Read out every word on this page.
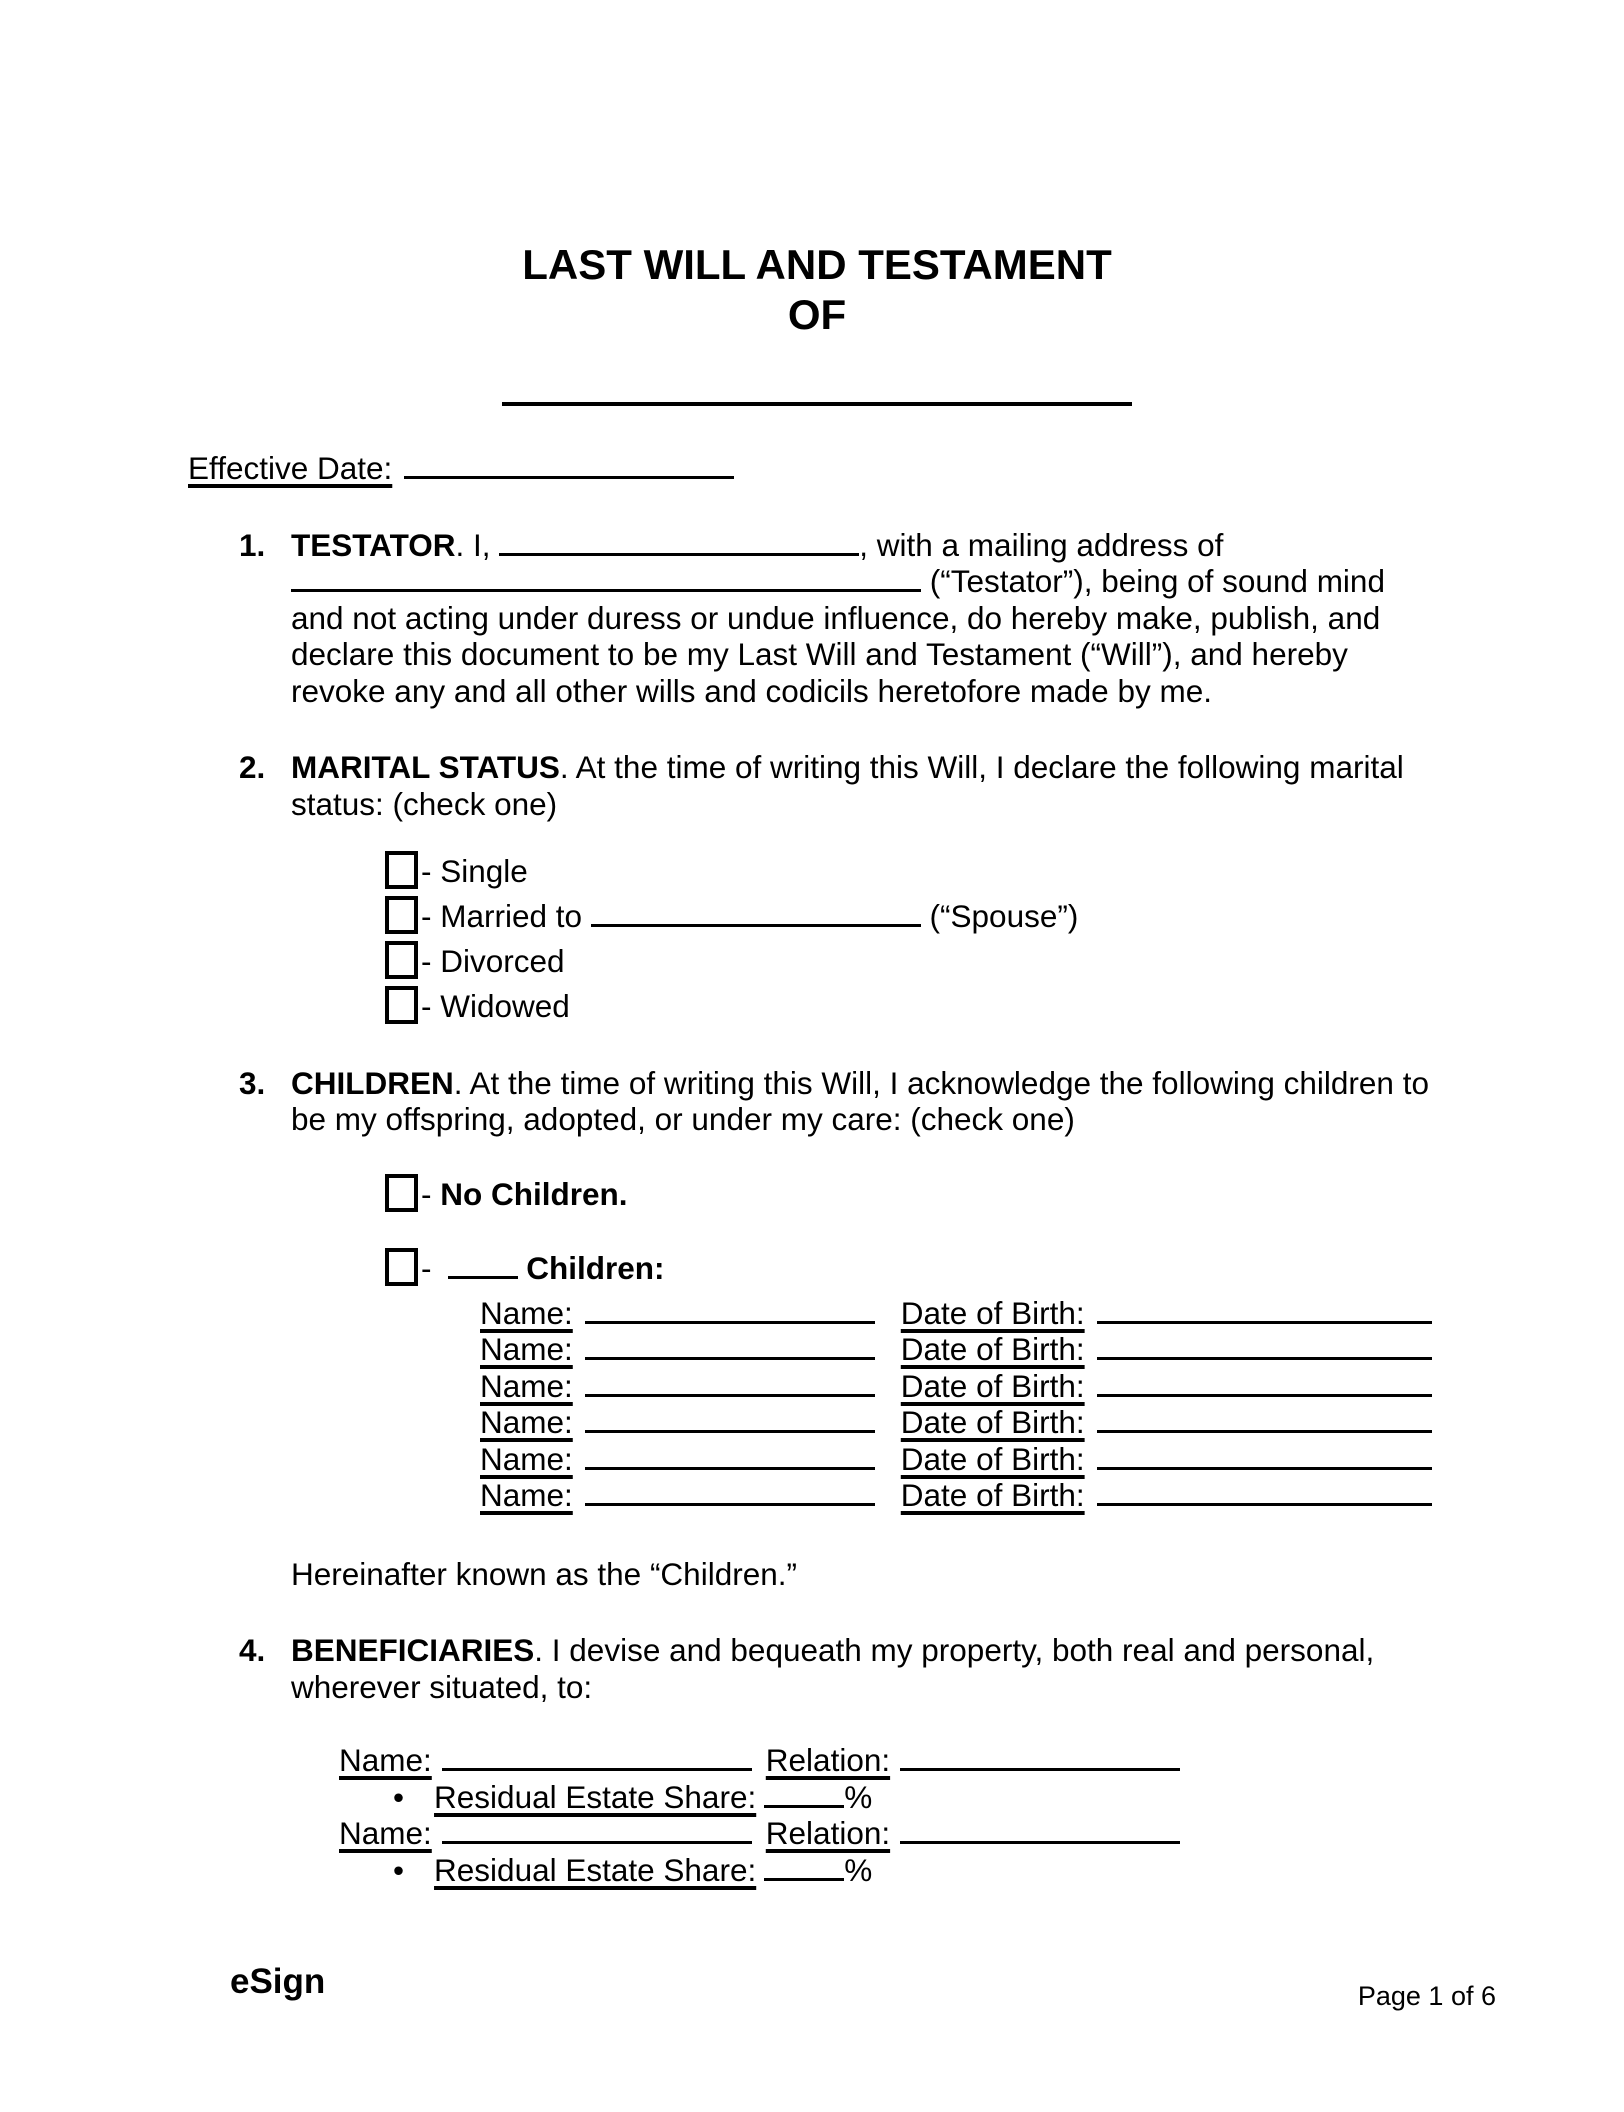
LAST WILL AND TESTAMENT
OF
Effective Date:
1. TESTATOR. I,	, with a mailing address of  (“Testator”), being of sound mind and not acting under duress or undue influence, do hereby make, publish, and declare this document to be my Last Will and Testament (“Will”), and hereby revoke any and all other wills and codicils heretofore made by me.

2. MARITAL STATUS. At the time of writing this Will, I declare the following marital status: (check one)

- Single
- Married to	(“Spouse”)
- Divorced
- Widowed
3. CHILDREN. At the time of writing this Will, I acknowledge the following children to be my offspring, adopted, or under my care: (check one)

- No Children.
-	Children:
Name:	Date of Birth:
Name:	Date of Birth:
Name:	Date of Birth:
Name:	Date of Birth:
Name:	Date of Birth:
Name:	Date of Birth:
Hereinafter known as the “Children.”
4. BENEFICIARIES. I devise and bequeath my property, both real and personal, wherever situated, to:

Name:	Relation:
• Residual Estate Share:	%
Name:	Relation:
• Residual Estate Share:	%
eSign	Page 1 of 6
